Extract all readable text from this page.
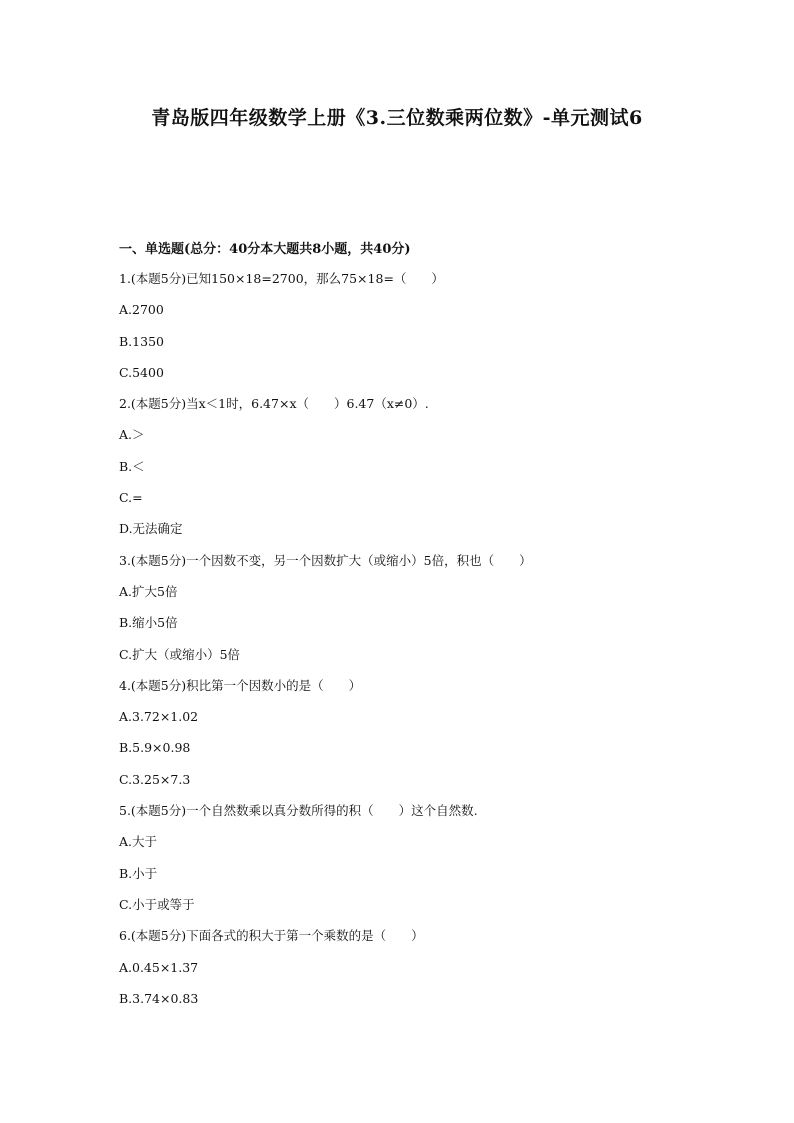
青岛版四年级数学上册《3.三位数乘两位数》-单元测试6
一、单选题(总分：40分本大题共8小题，共40分)
1.(本题5分)已知150×18=2700，那么75×18=（　　）
A.2700
B.1350
C.5400
2.(本题5分)当x＜1时，6.47×x（　　）6.47（x≠0）.
A.＞
B.＜
C.=
D.无法确定
3.(本题5分)一个因数不变，另一个因数扩大（或缩小）5倍，积也（　　）
A.扩大5倍
B.缩小5倍
C.扩大（或缩小）5倍
4.(本题5分)积比第一个因数小的是（　　）
A.3.72×1.02
B.5.9×0.98
C.3.25×7.3
5.(本题5分)一个自然数乘以真分数所得的积（　　）这个自然数.
A.大于
B.小于
C.小于或等于
6.(本题5分)下面各式的积大于第一个乘数的是（　　）
A.0.45×1.37
B.3.74×0.83
